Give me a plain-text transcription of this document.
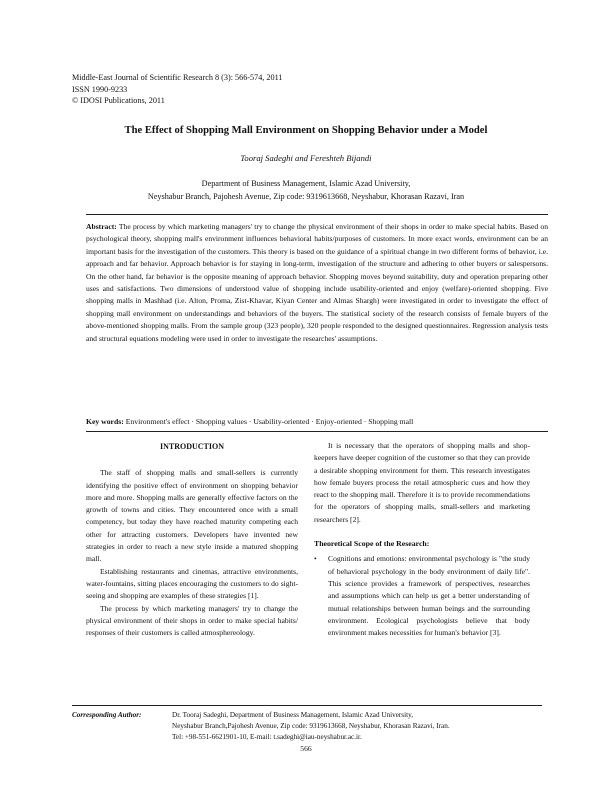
Middle-East Journal of Scientific Research 8 (3): 566-574, 2011
ISSN 1990-9233
© IDOSI Publications, 2011
The Effect of Shopping Mall Environment on Shopping Behavior under a Model
Tooraj Sadeghi and Fereshteh Bijandi
Department of Business Management, Islamic Azad University,
Neyshabur Branch, Pajohesh Avenue, Zip code: 9319613668, Neyshabur, Khorasan Razavi, Iran
Abstract: The process by which marketing managers' try to change the physical environment of their shops in order to make special habits. Based on psychological theory, shopping mall's environment influences behavioral habits/purposes of customers. In more exact words, environment can be an important basis for the investigation of the customers. This theory is based on the guidance of a spiritual change in two different forms of behavior, i.e. approach and far behavior. Approach behavior is for staying in long-term, investigation of the structure and adhering to other buyers or salespersons. On the other hand, far behavior is the opposite meaning of approach behavior. Shopping moves beyond suitability, duty and operation preparing other uses and satisfactions. Two dimensions of understood value of shopping include usability-oriented and enjoy (welfare)-oriented shopping. Five shopping malls in Mashhad (i.e. Alton, Proma, Zist-Khavar, Kiyan Center and Almas Shargh) were investigated in order to investigate the effect of shopping mall environment on understandings and behaviors of the buyers. The statistical society of the research consists of female buyers of the above-mentioned shopping malls. From the sample group (323 people), 320 people responded to the designed questionnaires. Regression analysis tests and structural equations modeling were used in order to investigate the researches' assumptions.
Key words: Environment's effect · Shopping values · Usability-oriented · Enjoy-oriented · Shopping mall
INTRODUCTION
The staff of shopping malls and small-sellers is currently identifying the positive effect of environment on shopping behavior more and more. Shopping malls are generally effective factors on the growth of towns and cities. They encountered once with a small competency, but today they have reached maturity competing each other for attracting customers. Developers have invented new strategies in order to reach a new style inside a matured shopping mall.
Establishing restaurants and cinemas, attractive environments, water-fountains, sitting places encouraging the customers to do sight-seeing and shopping are examples of these strategies [1].
The process by which marketing managers' try to change the physical environment of their shops in order to make special habits/ responses of their customers is called atmosphereology.
It is necessary that the operators of shopping malls and shop-keepers have deeper cognition of the customer so that they can provide a desirable shopping environment for them. This research investigates how female buyers process the retail atmospheric cues and how they react to the shopping mall. Therefore it is to provide recommendations for the operators of shopping malls, small-sellers and marketing researchers [2].
Theoretical Scope of the Research:
• Cognitions and emotions: environmental psychology is "the study of behavioral psychology in the body environment of daily life". This science provides a framework of perspectives, researches and assumptions which can help us get a better understanding of mutual relationships between human beings and the surrounding environment. Ecological psychologists believe that body environment makes necessities for human's behavior [3].
Corresponding Author:	Dr. Tooraj Sadeghi, Department of Business Management, Islamic Azad University,
Neyshabur Branch,Pajohesh Avenue, Zip code: 9319613668, Neyshabur, Khorasan Razavi, Iran.
Tel: +98-551-6621901-10, E-mail: t.sadeghi@iau-neyshabur.ac.ir.
566
